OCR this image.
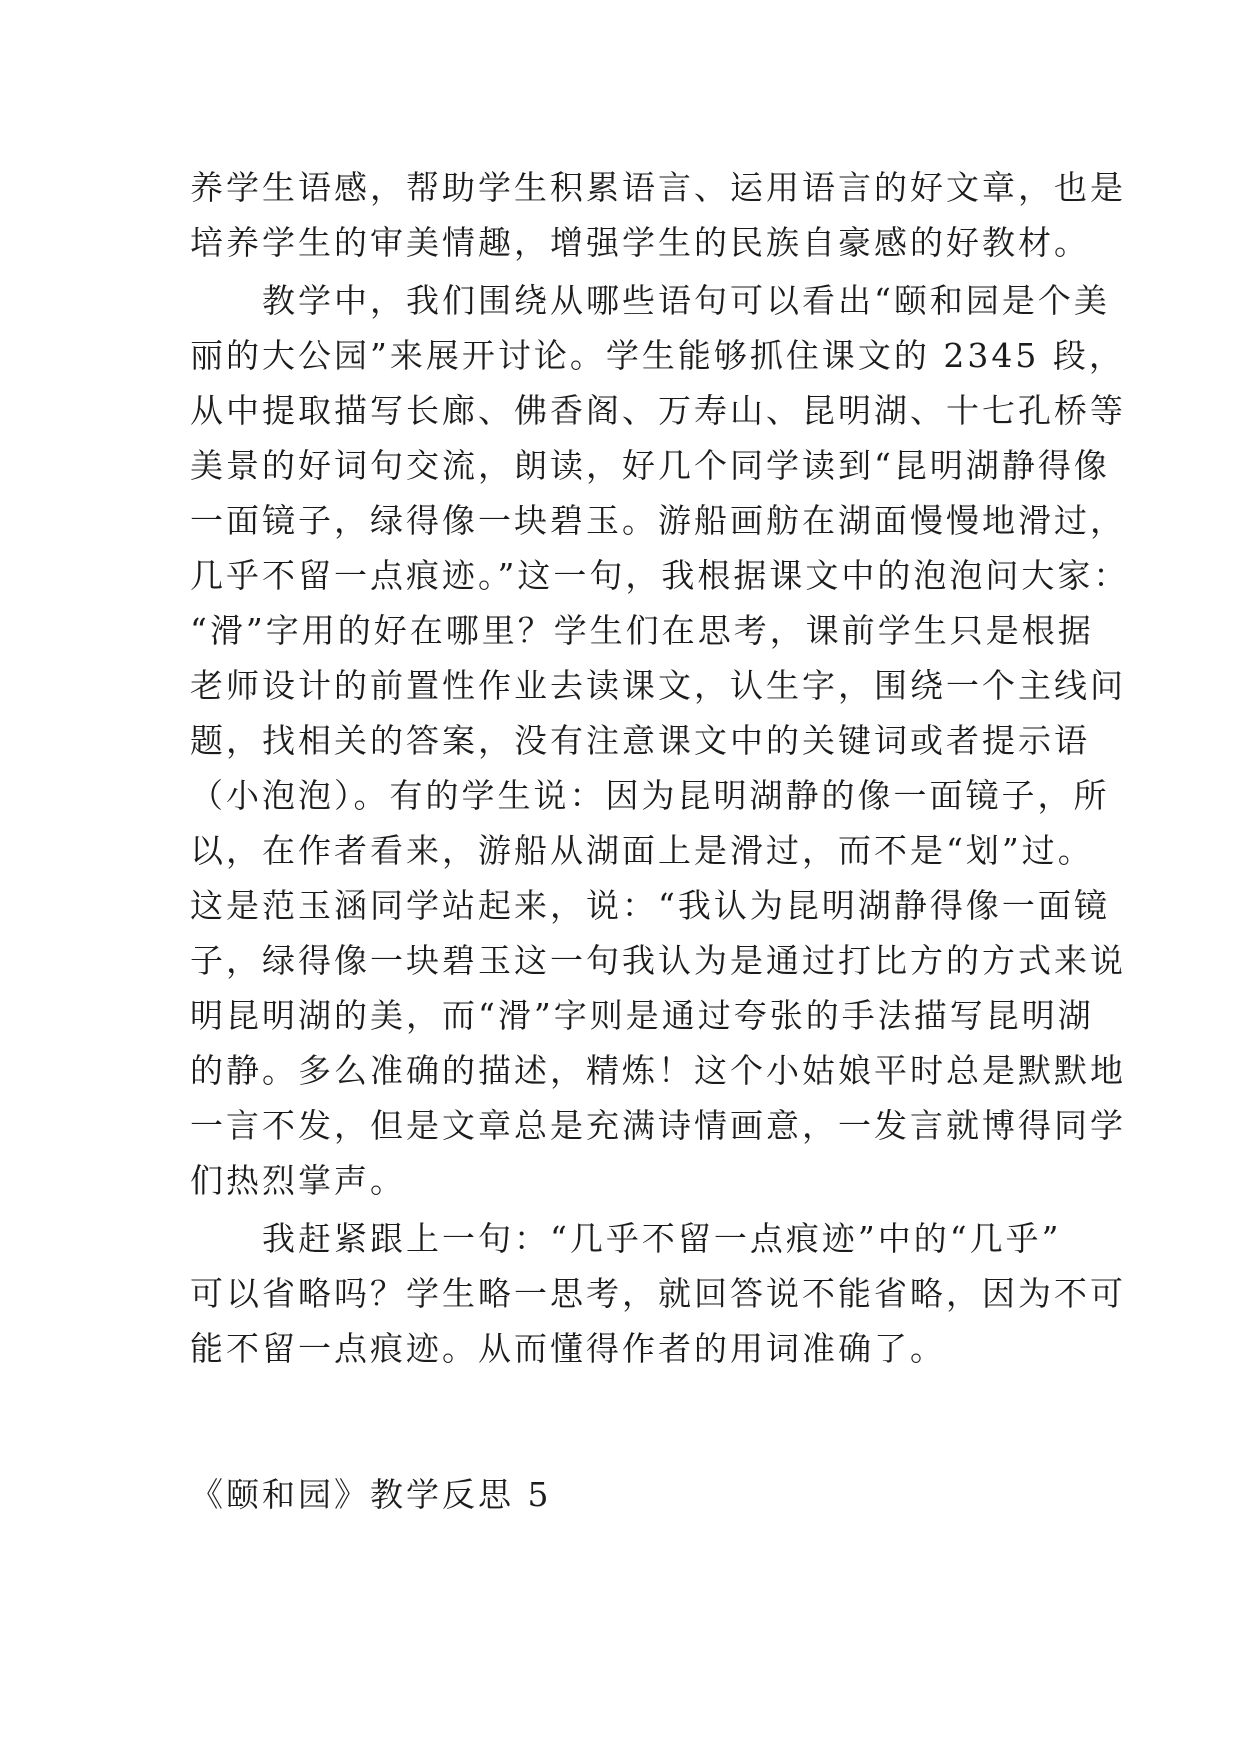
养学生语感，帮助学生积累语言、运用语言的好文章，也是
培养学生的审美情趣，增强学生的民族自豪感的好教材。
　　教学中，我们围绕从哪些语句可以看出“颐和园是个美
丽的大公园”来展开讨论。学生能够抓住课文的 2345 段，
从中提取描写长廊、佛香阁、万寿山、昆明湖、十七孔桥等
美景的好词句交流，朗读，好几个同学读到“昆明湖静得像
一面镜子，绿得像一块碧玉。游船画舫在湖面慢慢地滑过，
几乎不留一点痕迹。”这一句，我根据课文中的泡泡问大家：
“滑”字用的好在哪里？学生们在思考，课前学生只是根据
老师设计的前置性作业去读课文，认生字，围绕一个主线问
题，找相关的答案，没有注意课文中的关键词或者提示语
（小泡泡）。有的学生说：因为昆明湖静的像一面镜子，所
以，在作者看来，游船从湖面上是滑过，而不是“划”过。
这是范玉涵同学站起来，说：“我认为昆明湖静得像一面镜
子，绿得像一块碧玉这一句我认为是通过打比方的方式来说
明昆明湖的美，而“滑”字则是通过夸张的手法描写昆明湖
的静。多么准确的描述，精炼！这个小姑娘平时总是默默地
一言不发，但是文章总是充满诗情画意，一发言就博得同学
们热烈掌声。
　　我赶紧跟上一句：“几乎不留一点痕迹”中的“几乎”
可以省略吗？学生略一思考，就回答说不能省略，因为不可
能不留一点痕迹。从而懂得作者的用词准确了。
《颐和园》教学反思 5
